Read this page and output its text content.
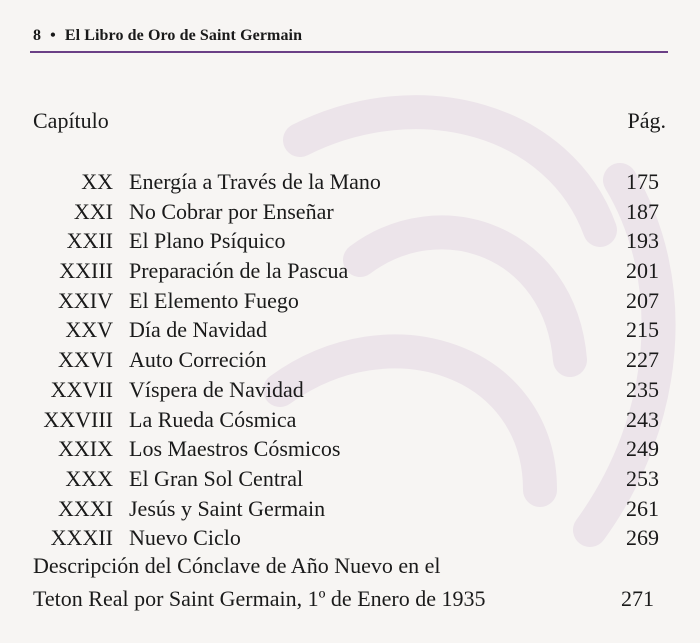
8 • El Libro de Oro de Saint Germain
Capítulo	Pág.
XX Energía a Través de la Mano	175
XXI No Cobrar por Enseñar	187
XXII El Plano Psíquico	193
XXIII Preparación de la Pascua	201
XXIV El Elemento Fuego	207
XXV Día de Navidad	215
XXVI Auto Correción	227
XXVII Víspera de Navidad	235
XXVIII La Rueda Cósmica	243
XXIX Los Maestros Cósmicos	249
XXX El Gran Sol Central	253
XXXI Jesús y Saint Germain	261
XXXII Nuevo Ciclo	269
Descripción del Cónclave de Año Nuevo en el
Teton Real por Saint Germain, 1º de Enero de 1935	271
